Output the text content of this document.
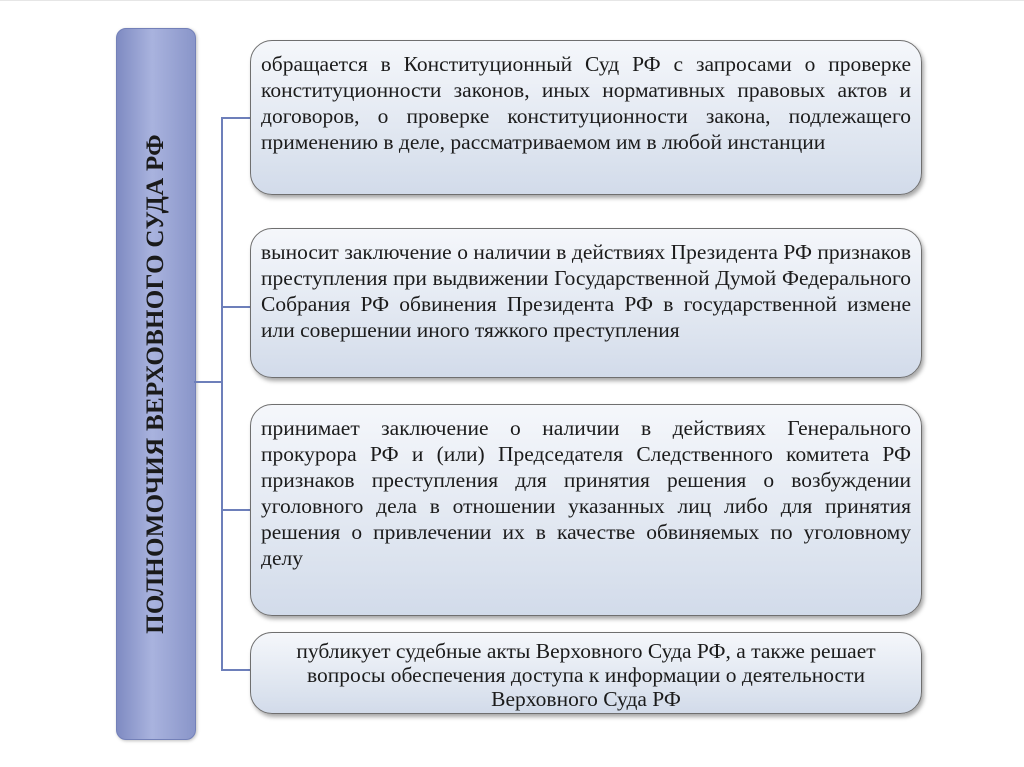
ПОЛНОМОЧИЯ ВЕРХОВНОГО СУДА РФ
обращается в Конституционный Суд РФ с запросами о проверке конституционности законов, иных нормативных правовых актов и договоров, о проверке конституционности закона, подлежащего применению в деле, рассматриваемом им в любой инстанции
выносит заключение о наличии в действиях Президента РФ признаков преступления при выдвижении Государственной Думой Федерального Собрания РФ обвинения Президента РФ в государственной измене или совершении иного тяжкого преступления
принимает заключение о наличии в действиях Генерального прокурора РФ и (или) Председателя Следственного комитета РФ признаков преступления для принятия решения о возбуждении уголовного дела в отношении указанных лиц либо для принятия решения о привлечении их в качестве обвиняемых по уголовному делу
публикует судебные акты Верховного Суда РФ, а также решает вопросы обеспечения доступа к информации о деятельности Верховного Суда РФ
